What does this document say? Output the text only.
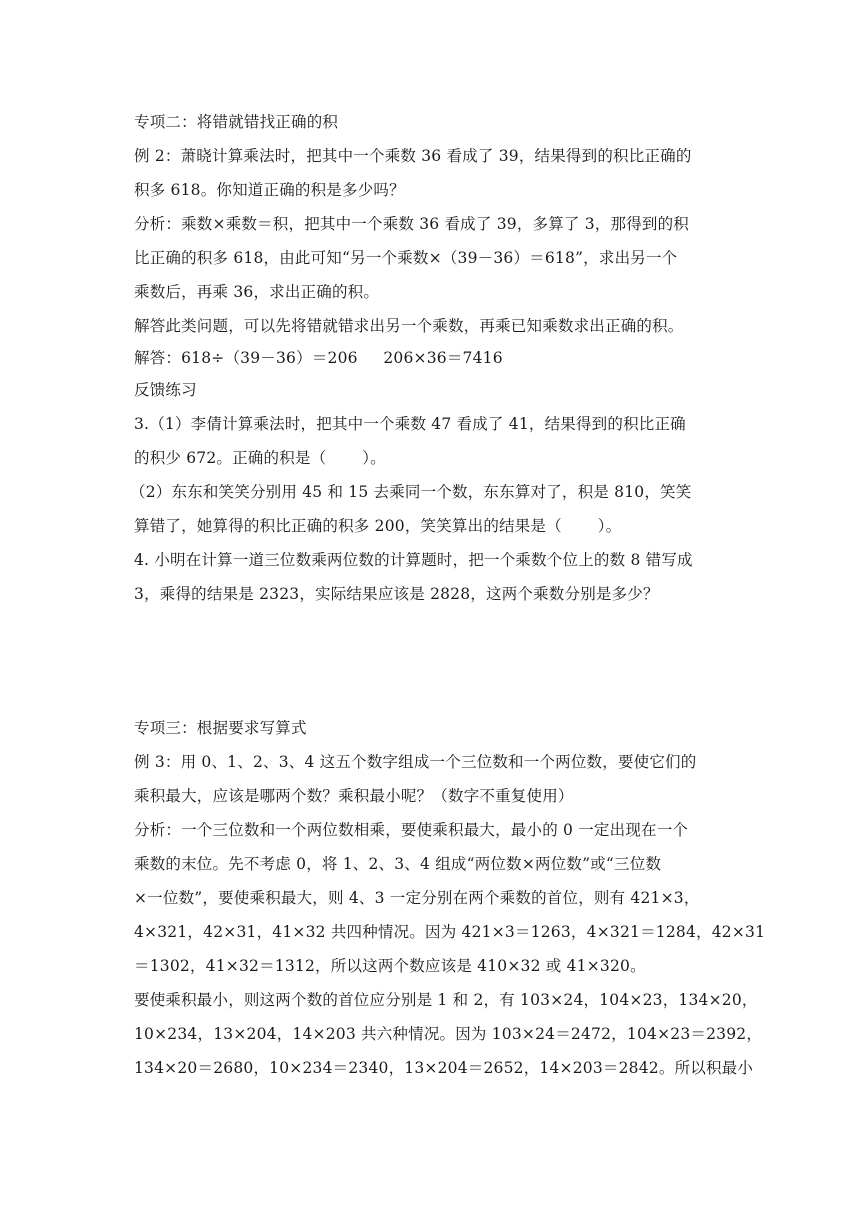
专项二：将错就错找正确的积
例 2：萧晓计算乘法时，把其中一个乘数 36 看成了 39，结果得到的积比正确的
积多 618。你知道正确的积是多少吗？
分析：乘数×乘数＝积，把其中一个乘数 36 看成了 39，多算了 3，那得到的积
比正确的积多 618，由此可知“另一个乘数×（39－36）＝618”，求出另一个
乘数后，再乘 36，求出正确的积。
解答此类问题，可以先将错就错求出另一个乘数，再乘已知乘数求出正确的积。
解答：618÷（39－36）＝206     206×36＝7416
反馈练习
3.（1）李倩计算乘法时，把其中一个乘数 47 看成了 41，结果得到的积比正确
的积少 672。正确的积是（       ）。
（2）东东和笑笑分别用 45 和 15 去乘同一个数，东东算对了，积是 810，笑笑
算错了，她算得的积比正确的积多 200，笑笑算出的结果是（       ）。
4. 小明在计算一道三位数乘两位数的计算题时，把一个乘数个位上的数 8 错写成
3，乘得的结果是 2323，实际结果应该是 2828，这两个乘数分别是多少？
专项三：根据要求写算式
例 3：用 0、1、2、3、4 这五个数字组成一个三位数和一个两位数，要使它们的
乘积最大，应该是哪两个数？乘积最小呢？（数字不重复使用）
分析：一个三位数和一个两位数相乘，要使乘积最大，最小的 0 一定出现在一个
乘数的末位。先不考虑 0，将 1、2、3、4 组成“两位数×两位数”或“三位数
×一位数”，要使乘积最大，则 4、3 一定分别在两个乘数的首位，则有 421×3，
4×321，42×31，41×32 共四种情况。因为 421×3＝1263，4×321＝1284，42×31
＝1302，41×32＝1312，所以这两个数应该是 410×32 或 41×320。
要使乘积最小，则这两个数的首位应分别是 1 和 2，有 103×24，104×23，134×20，
10×234，13×204，14×203 共六种情况。因为 103×24＝2472，104×23＝2392，
134×20＝2680，10×234＝2340，13×204＝2652，14×203＝2842。所以积最小
